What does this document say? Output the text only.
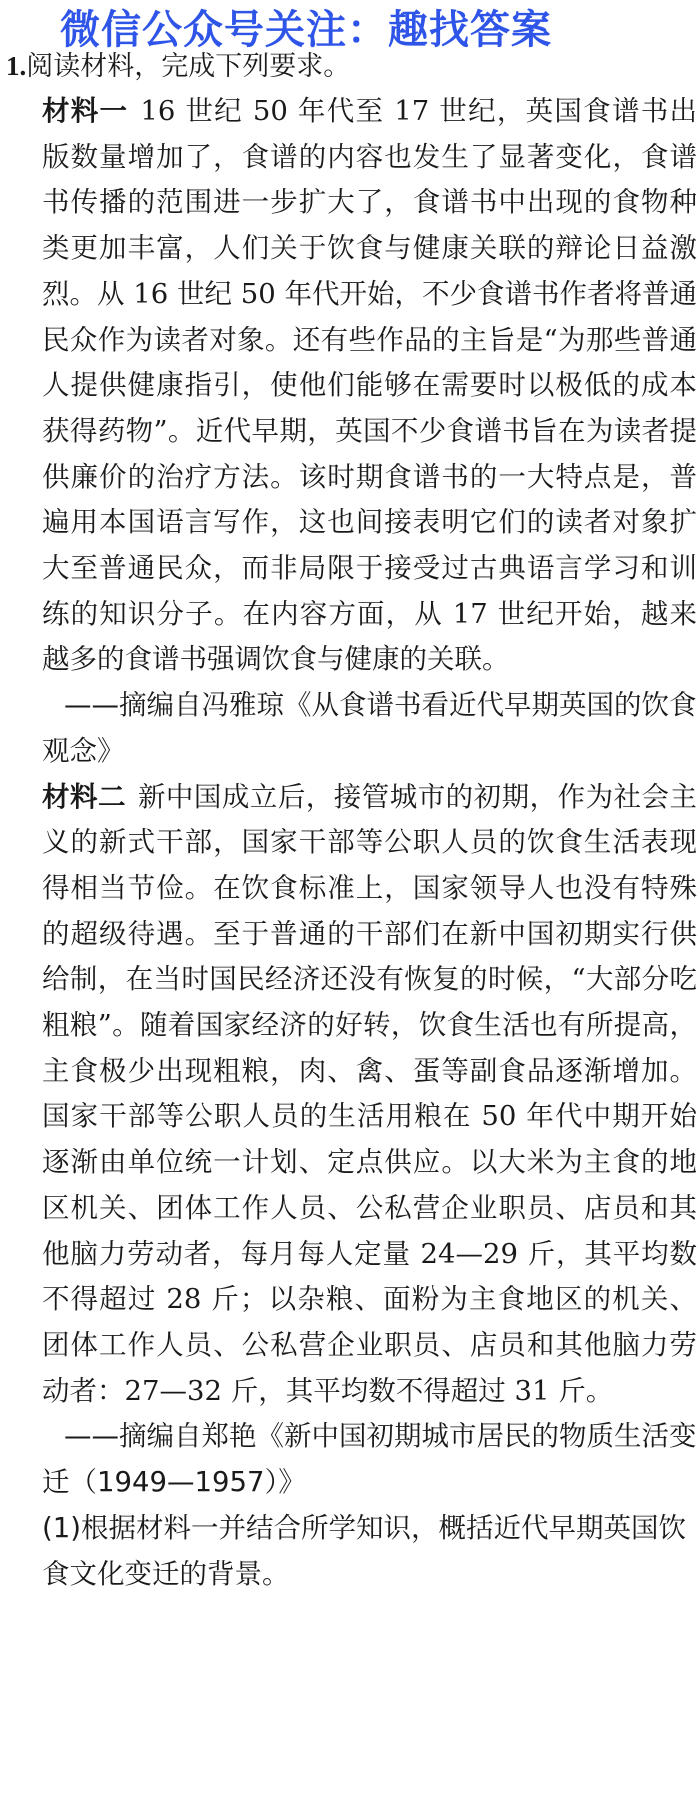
微信公众号关注：趣找答案
1.阅读材料，完成下列要求。

材料一 16 世纪 50 年代至 17 世纪，英国食谱书出版数量增加了，食谱的内容也发生了显著变化，食谱书传播的范围进一步扩大了，食谱书中出现的食物种类更加丰富，人们关于饮食与健康关联的辩论日益激烈。从 16 世纪 50 年代开始，不少食谱书作者将普通民众作为读者对象。还有些作品的主旨是“为那些普通人提供健康指引，使他们能够在需要时以极低的成本获得药物”。近代早期，英国不少食谱书旨在为读者提供廉价的治疗方法。该时期食谱书的一大特点是，普遍用本国语言写作，这也间接表明它们的读者对象扩大至普通民众，而非局限于接受过古典语言学习和训练的知识分子。在内容方面，从 17 世纪开始，越来越多的食谱书强调饮食与健康的关联。

——摘编自冯雅琼《从食谱书看近代早期英国的饮食观念》

材料二 新中国成立后，接管城市的初期，作为社会主义的新式干部，国家干部等公职人员的饮食生活表现得相当节俭。在饮食标准上，国家领导人也没有特殊的超级待遇。至于普通的干部们在新中国初期实行供给制，在当时国民经济还没有恢复的时候，“大部分吃粗粮”。随着国家经济的好转，饮食生活也有所提高，主食极少出现粗粮，肉、禽、蛋等副食品逐渐增加。国家干部等公职人员的生活用粮在 50 年代中期开始逐渐由单位统一计划、定点供应。以大米为主食的地区机关、团体工作人员、公私营企业职员、店员和其他脑力劳动者，每月每人定量 24—29 斤，其平均数不得超过 28 斤；以杂粮、面粉为主食地区的机关、团体工作人员、公私营企业职员、店员和其他脑力劳动者：27—32 斤，其平均数不得超过 31 斤。

——摘编自郑艳《新中国初期城市居民的物质生活变迁（1949—1957）》

(1)根据材料一并结合所学知识，概括近代早期英国饮食文化变迁的背景。
